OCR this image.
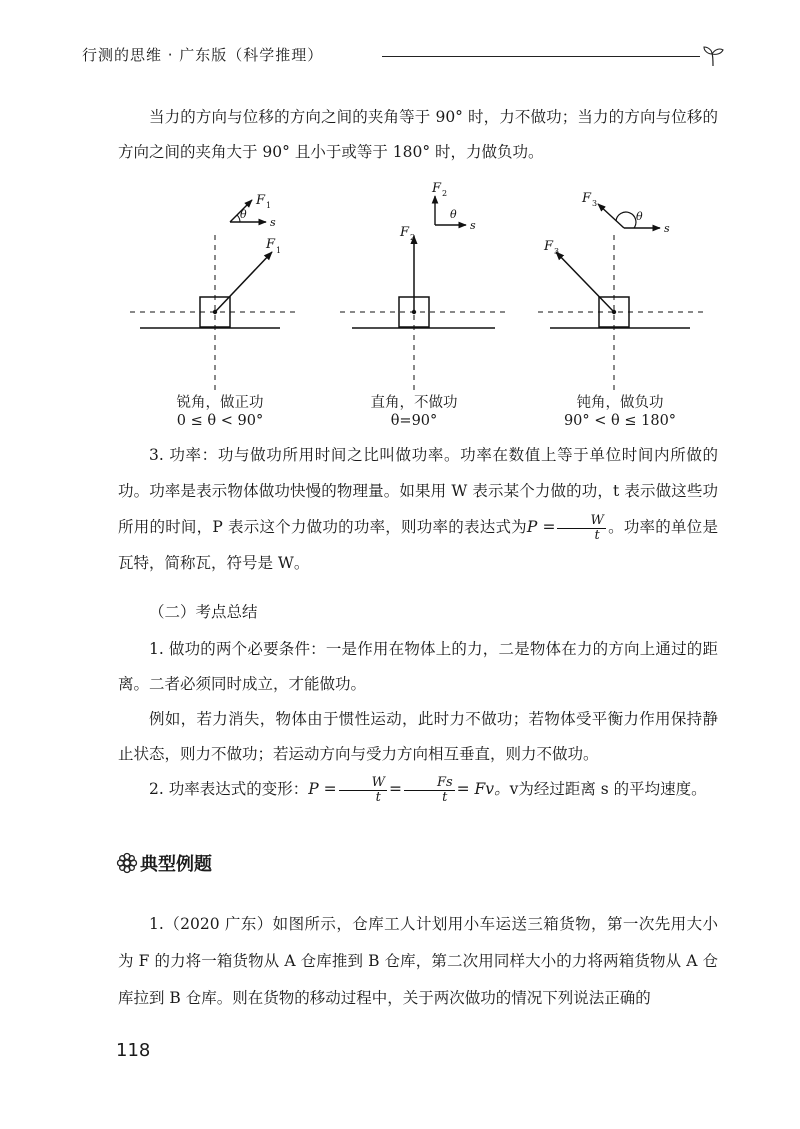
行测的思维 · 广东版（科学推理）

当力的方向与位移的方向之间的夹角等于 90° 时，力不做功；当力的方向与位移的方向之间的夹角大于 90° 且小于或等于 180° 时，力做负功。

F 1
F 1
θ
s
F 2
F 2
θ
s
F 3
F 3
θ
s
锐角，做正功
0 ≤ θ < 90°
直角，不做功
θ=90°
钝角，做负功
90° < θ ≤ 180°

3. 功率：功与做功所用时间之比叫做功率。功率在数值上等于单位时间内所做的功。功率是表示物体做功快慢的物理量。如果用 W 表示某个力做的功，t 表示做这些功所用的时间，P 表示这个力做功的功率，则功率的表达式为$P = \frac{W}{t}$ 。功率的单位是瓦特，简称瓦，符号是 W。

（二）考点总结

1. 做功的两个必要条件：一是作用在物体上的力，二是物体在力的方向上通过的距离。二者必须同时成立，才能做功。

例如，若力消失，物体由于惯性运动，此时力不做功；若物体受平衡力作用保持静止状态，则力不做功；若运动方向与受力方向相互垂直，则力不做功。

2. 功率表达式的变形：$P = \frac{W}{t} = \frac{Fs}{t} = Fv$。v为经过距离 s 的平均速度。

典型例题

1.（2020 广东）如图所示，仓库工人计划用小车运送三箱货物，第一次先用大小为 F 的力将一箱货物从 A 仓库推到 B 仓库，第二次用同样大小的力将两箱货物从 A 仓库拉到 B 仓库。则在货物的移动过程中，关于两次做功的情况下列说法正确的

118
